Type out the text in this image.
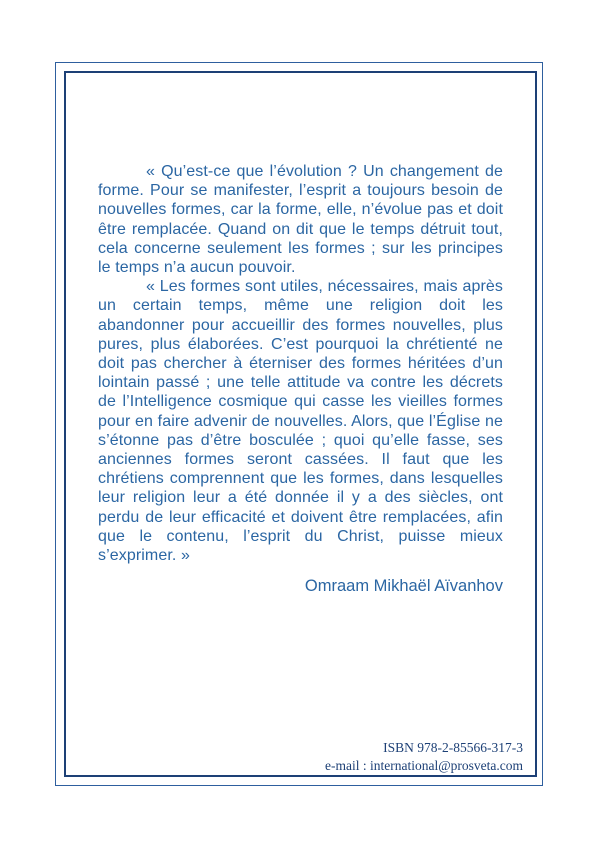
« Qu’est-ce que l’évolution ? Un changement de forme. Pour se manifester, l’esprit a toujours besoin de nouvelles formes, car la forme, elle, n’évolue pas et doit être remplacée. Quand on dit que le temps détruit tout, cela concerne seulement les formes ; sur les principes le temps n’a aucun pouvoir.

« Les formes sont utiles, nécessaires, mais après un certain temps, même une religion doit les abandonner pour accueillir des formes nouvelles, plus pures, plus élaborées. C’est pourquoi la chrétienté ne doit pas chercher à éterniser des formes héritées d’un lointain passé ; une telle attitude va contre les décrets de l’Intelligence cosmique qui casse les vieilles formes pour en faire advenir de nouvelles. Alors, que l’Église ne s’étonne pas d’être bosculée ; quoi qu’elle fasse, ses anciennes formes seront cassées. Il faut que les chrétiens comprennent que les formes, dans lesquelles leur religion leur a été donnée il y a des siècles, ont perdu de leur efficacité et doivent être remplacées, afin que le contenu, l’esprit du Christ, puisse mieux s’exprimer. »

Omraam Mikhaël Aïvanhov
ISBN 978-2-85566-317-3
e-mail : international@prosveta.com
